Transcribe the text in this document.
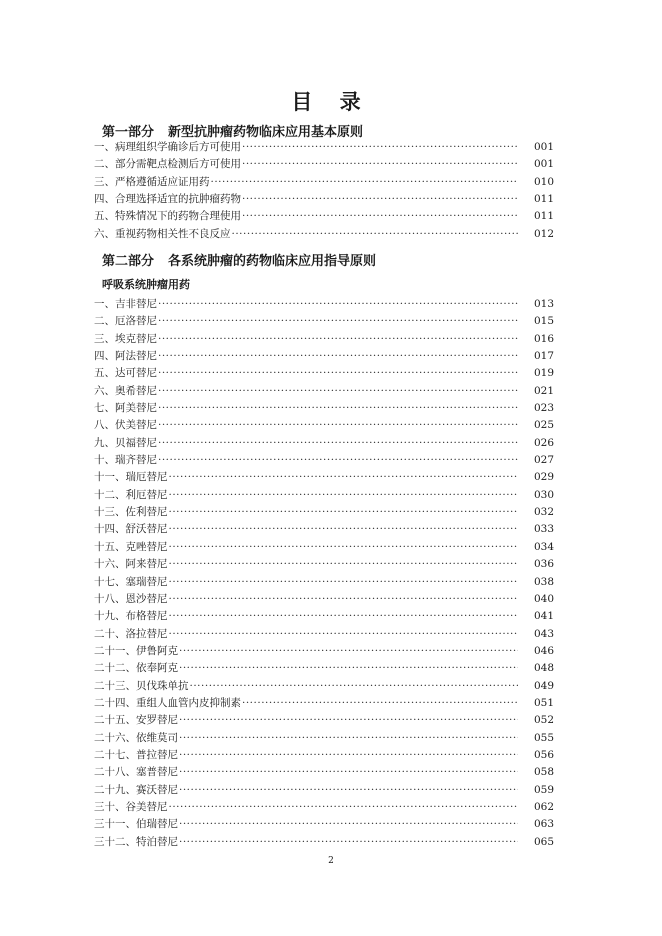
目 录
第一部分 新型抗肿瘤药物临床应用基本原则
一、病理组织学确诊后方可使用 ·····	001
二、部分需靶点检测后方可使用 ·····	001
三、严格遵循适应证用药 ·····	010
四、合理选择适宜的抗肿瘤药物 ·····	011
五、特殊情况下的药物合理使用 ·····	011
六、重视药物相关性不良反应 ·····	012
第二部分 各系统肿瘤的药物临床应用指导原则
呼吸系统肿瘤用药
一、吉非替尼 ·····	013
二、厄洛替尼 ·····	015
三、埃克替尼 ·····	016
四、阿法替尼 ·····	017
五、达可替尼 ·····	019
六、奥希替尼 ·····	021
七、阿美替尼 ·····	023
八、伏美替尼 ·····	025
九、贝福替尼 ·····	026
十、瑞齐替尼 ·····	027
十一、瑞厄替尼 ·····	029
十二、利厄替尼 ·····	030
十三、佐利替尼 ·····	032
十四、舒沃替尼 ·····	033
十五、克唑替尼 ·····	034
十六、阿来替尼 ·····	036
十七、塞瑞替尼 ·····	038
十八、恩沙替尼 ·····	040
十九、布格替尼 ·····	041
二十、洛拉替尼 ·····	043
二十一、伊鲁阿克 ·····	046
二十二、依奉阿克 ·····	048
二十三、贝伐珠单抗 ·····	049
二十四、重组人血管内皮抑制素 ·····	051
二十五、安罗替尼 ·····	052
二十六、依维莫司 ·····	055
二十七、普拉替尼 ·····	056
二十八、塞普替尼 ·····	058
二十九、赛沃替尼 ·····	059
三十、谷美替尼 ·····	062
三十一、伯瑞替尼 ·····	063
三十二、特泊替尼 ·····	065
2
